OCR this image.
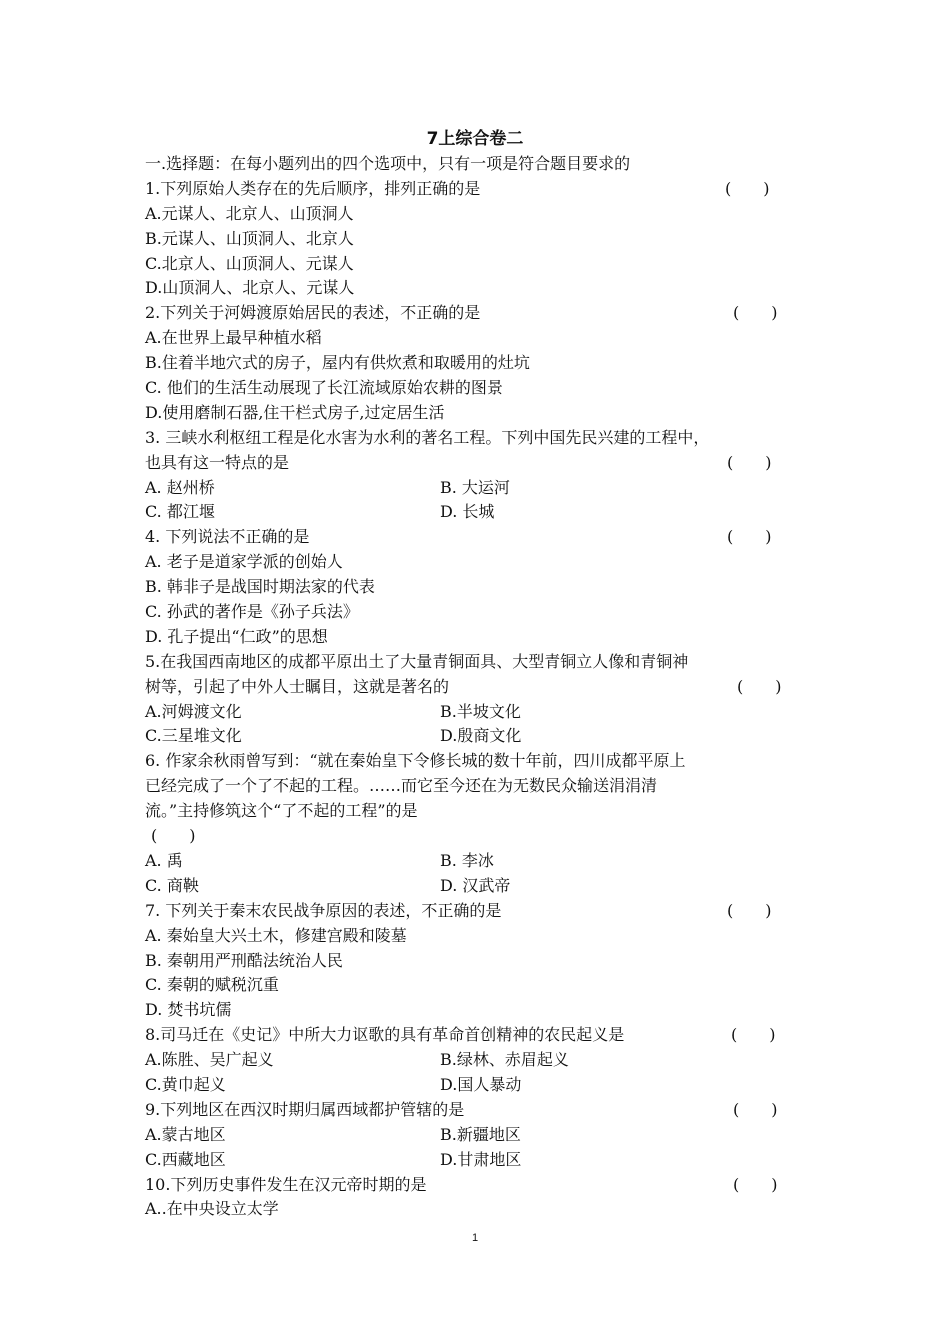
7上综合卷二
一.选择题：在每小题列出的四个选项中，只有一项是符合题目要求的
1.下列原始人类存在的先后顺序，排列正确的是	(　　)
A.元谋人、北京人、山顶洞人
B.元谋人、山顶洞人、北京人
C.北京人、山顶洞人、元谋人
D.山顶洞人、北京人、元谋人
2.下列关于河姆渡原始居民的表述，不正确的是	(　　)
A.在世界上最早种植水稻
B.住着半地穴式的房子，屋内有供炊煮和取暖用的灶坑
C. 他们的生活生动展现了长江流域原始农耕的图景
D.使用磨制石器,住干栏式房子,过定居生活
3. 三峡水利枢纽工程是化水害为水利的著名工程。下列中国先民兴建的工程中，
也具有这一特点的是	(　　)
A. 赵州桥	B. 大运河
C. 都江堰	D. 长城
4. 下列说法不正确的是	(　　)
A. 老子是道家学派的创始人
B. 韩非子是战国时期法家的代表
C. 孙武的著作是《孙子兵法》
D. 孔子提出“仁政”的思想
5.在我国西南地区的成都平原出土了大量青铜面具、大型青铜立人像和青铜神
树等，引起了中外人士瞩目，这就是著名的	(　　)
A.河姆渡文化	B.半坡文化
C.三星堆文化	D.殷商文化
6. 作家余秋雨曾写到：“就在秦始皇下令修长城的数十年前，四川成都平原上
已经完成了一个了不起的工程。……而它至今还在为无数民众输送涓涓清
流。”主持修筑这个“了不起的工程”的是
(　　)
A. 禹	B. 李冰
C. 商鞅	D. 汉武帝
7. 下列关于秦末农民战争原因的表述，不正确的是	(　　)
A. 秦始皇大兴土木，修建宫殿和陵墓
B. 秦朝用严刑酷法统治人民
C. 秦朝的赋税沉重
D. 焚书坑儒
8.司马迁在《史记》中所大力讴歌的具有革命首创精神的农民起义是	(　　)
A.陈胜、吴广起义	B.绿林、赤眉起义
C.黄巾起义	D.国人暴动
9.下列地区在西汉时期归属西域都护管辖的是	(　　)
A.蒙古地区	B.新疆地区
C.西藏地区	D.甘肃地区
10.下列历史事件发生在汉元帝时期的是	(　　)
A..在中央设立太学
1
